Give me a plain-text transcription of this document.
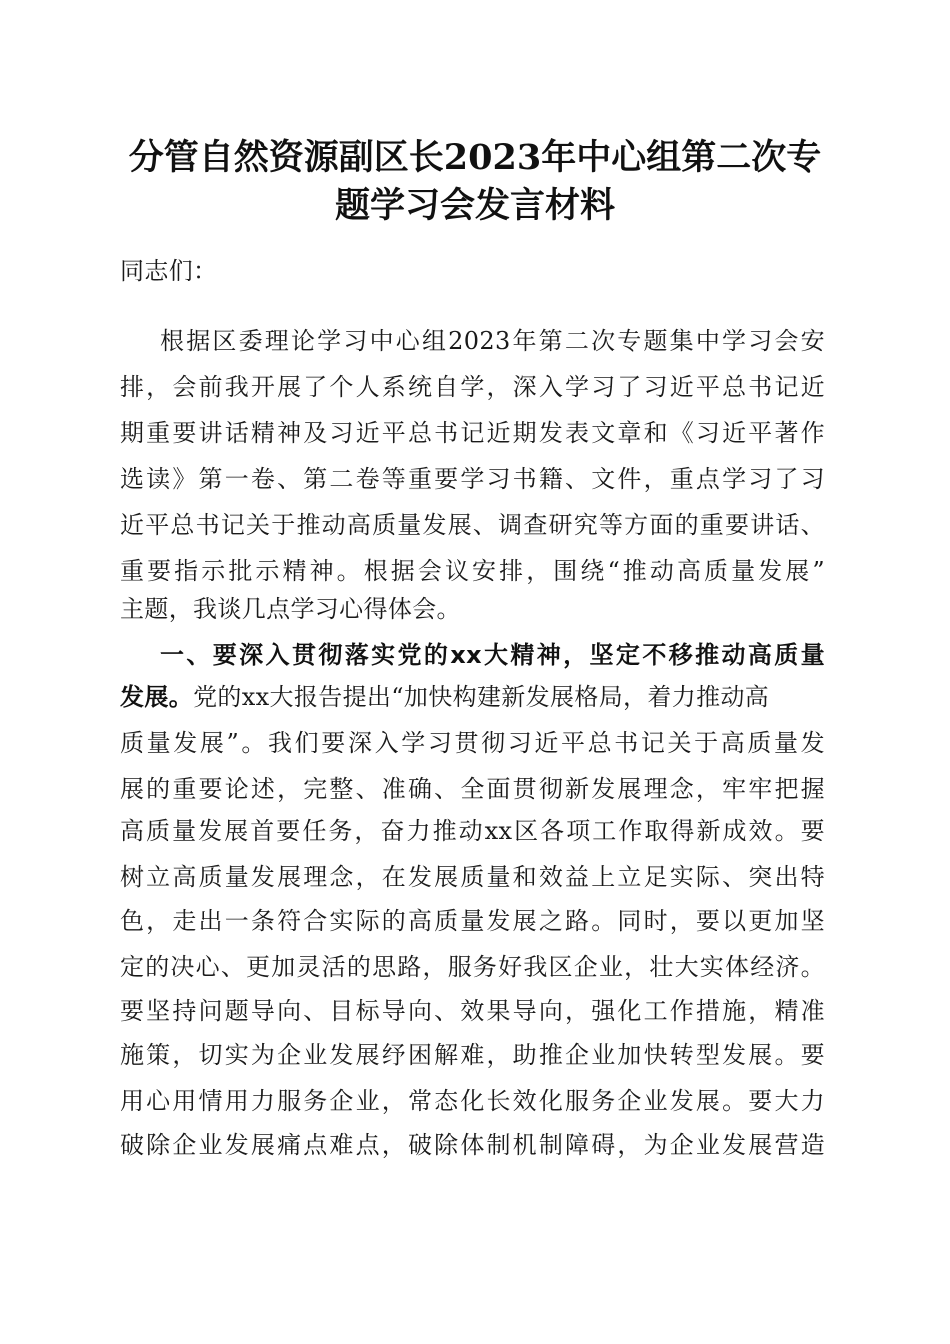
分管自然资源副区长2023年中心组第二次专
题学习会发言材料
同志们：
根据区委理论学习中心组2023年第二次专题集中学习会安
排，会前我开展了个人系统自学，深入学习了习近平总书记近
期重要讲话精神及习近平总书记近期发表文章和《习近平著作
选读》第一卷、第二卷等重要学习书籍、文件，重点学习了习
近平总书记关于推动高质量发展、调查研究等方面的重要讲话、
重要指示批示精神。根据会议安排，围绕“推动高质量发展”
主题，我谈几点学习心得体会。
一、要深入贯彻落实党的xx大精神，坚定不移推动高质量
发展。党的xx大报告提出“加快构建新发展格局，着力推动高
质量发展”。我们要深入学习贯彻习近平总书记关于高质量发
展的重要论述，完整、准确、全面贯彻新发展理念，牢牢把握
高质量发展首要任务，奋力推动xx区各项工作取得新成效。要
树立高质量发展理念，在发展质量和效益上立足实际、突出特
色，走出一条符合实际的高质量发展之路。同时，要以更加坚
定的决心、更加灵活的思路，服务好我区企业，壮大实体经济。
要坚持问题导向、目标导向、效果导向，强化工作措施，精准
施策，切实为企业发展纾困解难，助推企业加快转型发展。要
用心用情用力服务企业，常态化长效化服务企业发展。要大力
破除企业发展痛点难点，破除体制机制障碍，为企业发展营造
